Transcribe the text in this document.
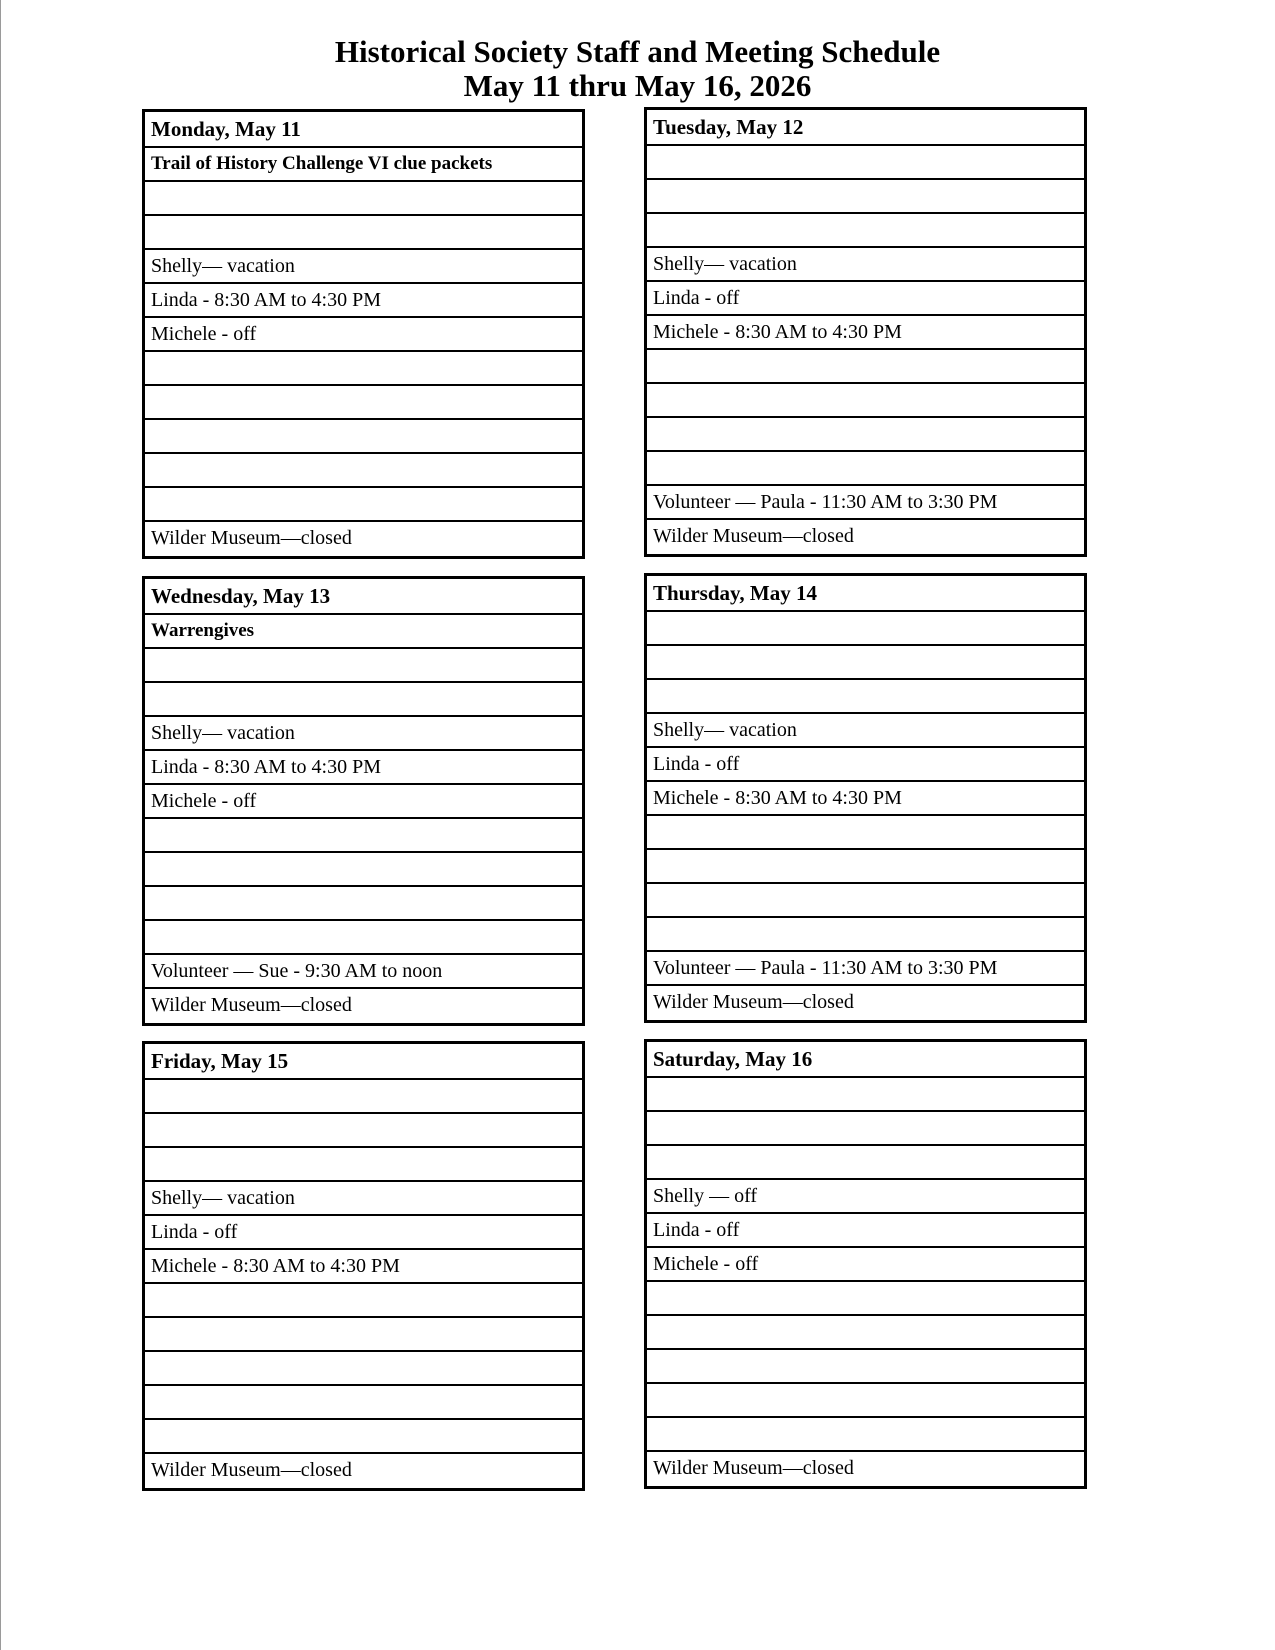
Historical Society Staff and Meeting Schedule
May 11 thru May 16, 2026
Monday, May 11
Trail of History Challenge VI clue packets
Shelly— vacation
Linda - 8:30 AM to 4:30 PM
Michele - off
Wilder Museum—closed
Tuesday, May 12
Shelly— vacation
Linda - off
Michele - 8:30 AM to 4:30 PM
Volunteer — Paula - 11:30 AM to 3:30 PM
Wilder Museum—closed
Wednesday, May 13
Warrengives
Shelly— vacation
Linda - 8:30 AM to 4:30 PM
Michele - off
Volunteer — Sue - 9:30 AM to noon
Wilder Museum—closed
Thursday, May 14
Shelly— vacation
Linda - off
Michele - 8:30 AM to 4:30 PM
Volunteer — Paula - 11:30 AM to 3:30 PM
Wilder Museum—closed
Friday, May 15
Shelly— vacation
Linda - off
Michele - 8:30 AM to 4:30 PM
Wilder Museum—closed
Saturday, May 16
Shelly — off
Linda - off
Michele - off
Wilder Museum—closed
